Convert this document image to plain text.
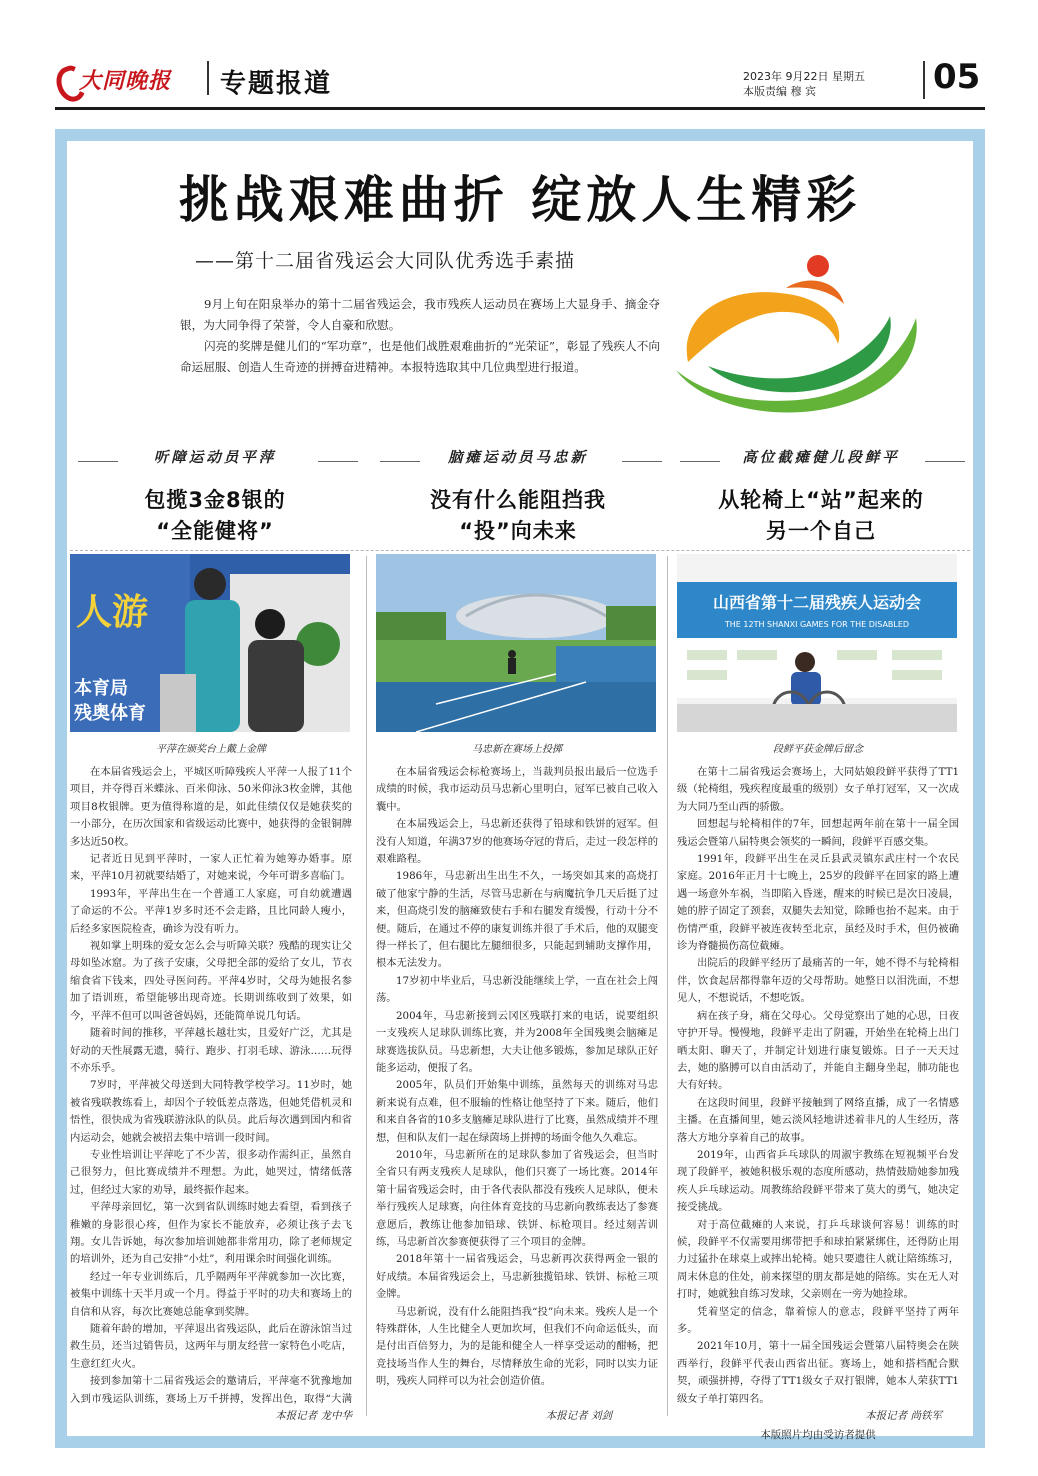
大同晚报 专题报道	2023年 9月22日 星期五
本版责编 穆 宾	05
挑战艰难曲折 绽放人生精彩
——第十二届省残运会大同队优秀选手素描

9月上旬在阳泉举办的第十二届省残运会，我市残疾人运动员在赛场上大显身手、摘金夺银，为大同争得了荣誉，令人自豪和欣慰。

闪亮的奖牌是健儿们的“军功章”，也是他们战胜艰难曲折的“光荣证”，彰显了残疾人不向命运屈服、创造人生奇迹的拼搏奋进精神。本报特选取其中几位典型进行报道。

听障运动员平萍
包揽3金8银的
“全能健将”
脑瘫运动员马忠新
没有什么能阻挡我
“投”向未来
高位截瘫健儿段鲜平
从轮椅上“站”起来的
另一个自己
人游
本育局
残奥体育
山西省第十二届残疾人运动会
THE 12TH SHANXI GAMES FOR THE DISABLED
平萍在颁奖台上戴上金牌	马忠新在赛场上投掷	段鲜平获金牌后留念

在本届省残运会上，平城区听障残疾人平萍一人报了11个项目，并夺得百米蝶泳、百米仰泳、50米仰泳3枚金牌，其他项目8枚银牌。更为值得称道的是，如此佳绩仅仅是她获奖的一小部分，在历次国家和省级运动比赛中，她获得的金银铜牌多达近50枚。

记者近日见到平萍时，一家人正忙着为她筹办婚事。原来，平萍10月初就要结婚了，对她来说，今年可谓多喜临门。

1993年，平萍出生在一个普通工人家庭，可自幼就遭遇了命运的不公。平萍1岁多时还不会走路，且比同龄人瘦小，后经多家医院检查，确诊为没有听力。

视如掌上明珠的爱女怎么会与听障关联？残酷的现实让父母如坠冰窟。为了孩子安康，父母把全部的爱给了女儿，节衣缩食省下钱来，四处寻医问药。平萍4岁时，父母为她报名参加了语训班，希望能够出现奇迹。长期训练收到了效果，如今，平萍不但可以叫爸爸妈妈，还能简单说几句话。

随着时间的推移，平萍越长越壮实，且爱好广泛，尤其是好动的天性展露无遗，骑行、跑步、打羽毛球、游泳……玩得不亦乐乎。

7岁时，平萍被父母送到大同特教学校学习。11岁时，她被省残联教练看上，却因个子较低差点落选，但她凭借机灵和悟性，很快成为省残联游泳队的队员。此后每次遇到国内和省内运动会，她就会被招去集中培训一段时间。

专业性培训让平萍吃了不少苦，很多动作需纠正，虽然自己很努力，但比赛成绩并不理想。为此，她哭过，情绪低落过，但经过大家的劝导，最终振作起来。

平萍母亲回忆，第一次到省队训练时她去看望，看到孩子稚嫩的身影很心疼，但作为家长不能放弃，必须让孩子去飞翔。女儿告诉她，每次参加培训她都非常用功，除了老师规定的培训外，还为自己安排“小灶”，利用课余时间强化训练。

经过一年专业训练后，几乎隔两年平萍就参加一次比赛，被集中训练十天半月或一个月。得益于平时的功夫和赛场上的自信和从容，每次比赛她总能拿到奖牌。

随着年龄的增加，平萍退出省残运队，此后在游泳馆当过救生员，还当过销售员，这两年与朋友经营一家特色小吃店，生意红红火火。

接到参加第十二届省残运会的邀请后，平萍毫不犹豫地加入到市残运队训练，赛场上万千拼搏，发挥出色，取得“大满

在本届省残运会标枪赛场上，当裁判员报出最后一位选手成绩的时候，我市运动员马忠新心里明白，冠军已被自己收入囊中。

在本届残运会上，马忠新还获得了铅球和铁饼的冠军。但没有人知道，年满37岁的他赛场夺冠的背后，走过一段怎样的艰难路程。

1986年，马忠新出生出生不久，一场突如其来的高烧打破了他家宁静的生活，尽管马忠新在与病魔抗争几天后挺了过来，但高烧引发的脑瘫致使右手和右腿发育缓慢，行动十分不便。随后，在通过不停的康复训练并很了手术后，他的双腿变得一样长了，但右腿比左腿细很多，只能起到辅助支撑作用，根本无法发力。

17岁初中毕业后，马忠新没能继续上学，一直在社会上闯荡。

2004年，马忠新接到云冈区残联打来的电话，说要组织一支残疾人足球队训练比赛，并为2008年全国残奥会脑瘫足球赛选拔队员。马忠新想，大夫让他多锻炼，参加足球队正好能多运动，便报了名。

2005年，队员们开始集中训练，虽然每天的训练对马忠新来说有点难，但不服输的性格让他坚持了下来。随后，他们和来自各省的10多支脑瘫足球队进行了比赛，虽然成绩并不理想，但和队友们一起在绿茵场上拼搏的场面令他久久难忘。

2010年，马忠新所在的足球队参加了省残运会，但当时全省只有两支残疾人足球队，他们只赛了一场比赛。2014年第十届省残运会时，由于各代表队都没有残疾人足球队，便未举行残疾人足球赛，向往体育竞技的马忠新向教练表达了参赛意愿后，教练让他参加铅球、铁饼、标枪项目。经过刻苦训练，马忠新首次参赛便获得了三个项目的金牌。

2018年第十一届省残运会，马忠新再次获得两金一银的好成绩。本届省残运会上，马忠新独揽铅球、铁饼、标枪三项金牌。

马忠新说，没有什么能阻挡我“投”向未来。残疾人是一个特殊群体，人生比健全人更加坎坷，但我们不向命运低头，而是付出百倍努力，为的是能和健全人一样享受运动的酣畅，把竞技场当作人生的舞台，尽情释放生命的光彩，同时以实力证明，残疾人同样可以为社会创造价值。

在第十二届省残运会赛场上，大同姑娘段鲜平获得了TT1级（轮椅组，残疾程度最重的级别）女子单打冠军，又一次成为大同乃至山西的骄傲。

回想起与轮椅相伴的7年，回想起两年前在第十一届全国残运会暨第八届特奥会领奖的一瞬间，段鲜平百感交集。

1991年，段鲜平出生在灵丘县武灵镇东武庄村一个农民家庭。2016年正月十七晚上，25岁的段鲜平在回家的路上遭遇一场意外车祸，当即陷入昏迷，醒来的时候已是次日凌晨，她的脖子固定了颈套，双腿失去知觉，除睡也抬不起来。由于伤情严重，段鲜平被连夜转至北京，虽经及时手术，但仍被确诊为脊髓损伤高位截瘫。

出院后的段鲜平经历了最痛苦的一年，她不得不与轮椅相伴，饮食起居都得靠年迈的父母帮助。她整日以泪洗面，不想见人，不想说话，不想吃饭。

病在孩子身，痛在父母心。父母觉察出了她的心思，日夜守护开导。慢慢地，段鲜平走出了阴霾，开始坐在轮椅上出门晒太阳、聊天了，并制定计划进行康复锻炼。日子一天天过去，她的胳膊可以自由活动了，并能自主翻身坐起，肺功能也大有好转。

在这段时间里，段鲜平接触到了网络直播，成了一名情感主播。在直播间里，她云淡风轻地讲述着非凡的人生经历，落落大方地分享着自己的故事。

2019年，山西省乒乓球队的周淑宇教练在短视频平台发现了段鲜平，被她积极乐观的态度所感动，热情鼓励她参加残疾人乒乓球运动。周教练给段鲜平带来了莫大的勇气，她决定接受挑战。

对于高位截瘫的人来说，打乒乓球谈何容易！训练的时候，段鲜平不仅需要用绑带把手和球拍紧紧绑住，还得防止用力过猛扑在球桌上或摔出轮椅。她只要遗往人就让陪练练习，周末休息的住处，前来探望的朋友都是她的陪练。实在无人对打时，她就独自练习发球，父亲则在一旁为她捡球。

凭着坚定的信念，靠着惊人的意志，段鲜平坚持了两年多。

2021年10月，第十一届全国残运会暨第八届特奥会在陕西举行，段鲜平代表山西省出征。赛场上，她和搭档配合默契，顽强拼搏，夺得了TT1级女子双打银牌，她本人荣获TT1级女子单打第四名。

本报记者 龙中华	本报记者 刘剑	本报记者 尚铁军
本版照片均由受访者提供
